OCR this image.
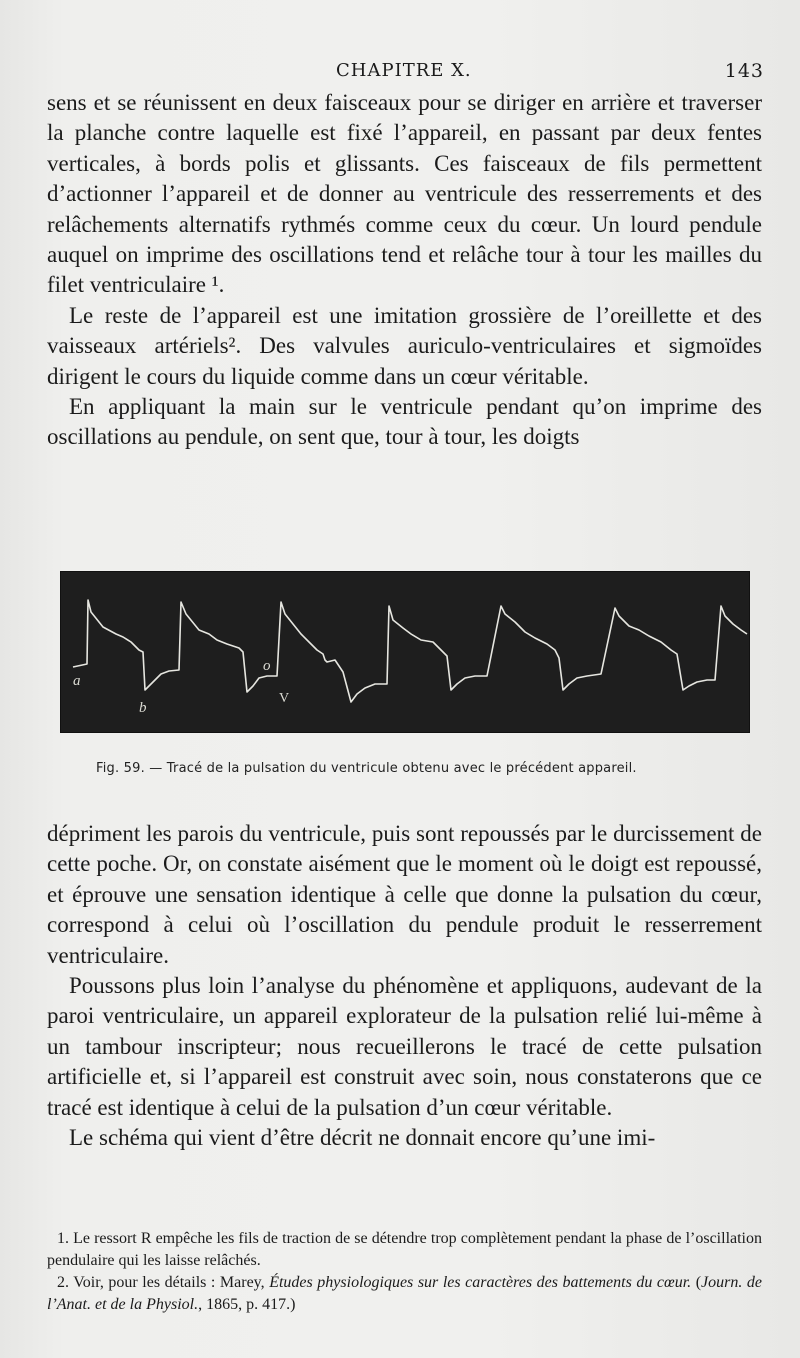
CHAPITRE X.	143

sens et se réunissent en deux faisceaux pour se diriger en arrière et traverser la planche contre laquelle est fixé l’appareil, en passant par deux fentes verticales, à bords polis et glissants. Ces faisceaux de fils permettent d’actionner l’appareil et de donner au ventricule des resserrements et des relâchements alternatifs rythmés comme ceux du cœur. Un lourd pendule auquel on imprime des oscillations tend et relâche tour à tour les mailles du filet ventriculaire ¹.

Le reste de l’appareil est une imitation grossière de l’oreillette et des vaisseaux artériels². Des valvules auriculo-ventriculaires et sigmoïdes dirigent le cours du liquide comme dans un cœur véritable.

En appliquant la main sur le ventricule pendant qu’on imprime des oscillations au pendule, on sent que, tour à tour, les doigts

a
b
o
V
Fig. 59. — Tracé de la pulsation du ventricule obtenu avec le précédent appareil.

dépriment les parois du ventricule, puis sont repoussés par le durcissement de cette poche. Or, on constate aisément que le moment où le doigt est repoussé, et éprouve une sensation identique à celle que donne la pulsation du cœur, correspond à celui où l’oscillation du pendule produit le resserrement ventriculaire.

Poussons plus loin l’analyse du phénomène et appliquons, audevant de la paroi ventriculaire, un appareil explorateur de la pulsation relié lui-même à un tambour inscripteur; nous recueillerons le tracé de cette pulsation artificielle et, si l’appareil est construit avec soin, nous constaterons que ce tracé est identique à celui de la pulsation d’un cœur véritable.

Le schéma qui vient d’être décrit ne donnait encore qu’une imi-

1. Le ressort R empêche les fils de traction de se détendre trop complètement pendant la phase de l’oscillation pendulaire qui les laisse relâchés.

2. Voir, pour les détails : Marey, Études physiologiques sur les caractères des battements du cœur. (Journ. de l’Anat. et de la Physiol., 1865, p. 417.)
